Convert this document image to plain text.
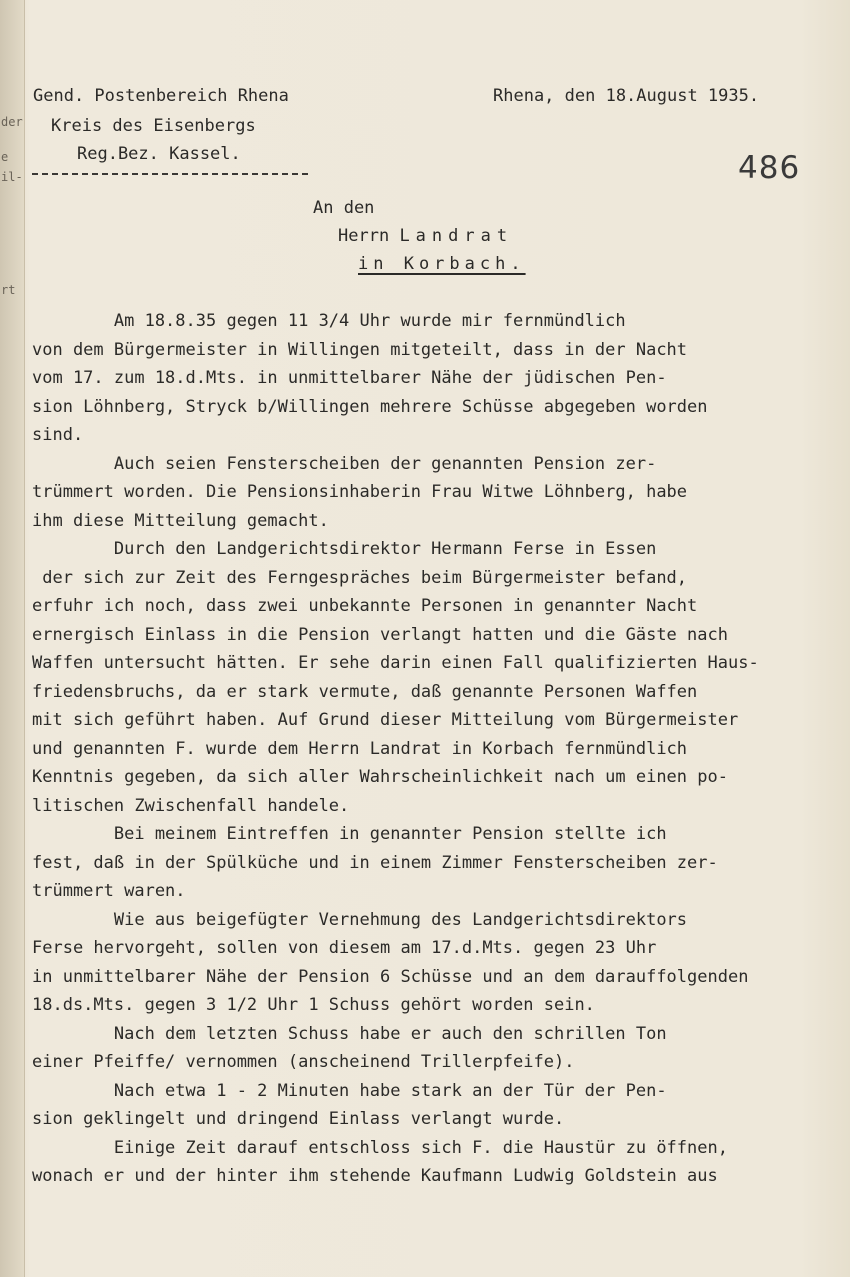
der
e
il-
rt
Gend. Postenbereich Rhena
Kreis des Eisenbergs
Reg.Bez. Kassel.
Rhena, den 18.August 1935.
486
An den
Herrn Landrat
in Korbach.
Am 18.8.35 gegen 11 3/4 Uhr wurde mir fernmündlich
von dem Bürgermeister in Willingen mitgeteilt, dass in der Nacht
vom 17. zum 18.d.Mts. in unmittelbarer Nähe der jüdischen Pen-
sion Löhnberg, Stryck b/Willingen mehrere Schüsse abgegeben worden
sind.
Auch seien Fensterscheiben der genannten Pension zer-
trümmert worden. Die Pensionsinhaberin Frau Witwe Löhnberg, habe
ihm diese Mitteilung gemacht.
Durch den Landgerichtsdirektor Hermann Ferse in Essen
der sich zur Zeit des Ferngespräches beim Bürgermeister befand,
erfuhr ich noch, dass zwei unbekannte Personen in genannter Nacht
ernergisch Einlass in die Pension verlangt hatten und die Gäste nach
Waffen untersucht hätten. Er sehe darin einen Fall qualifizierten Haus-
friedensbruchs, da er stark vermute, daß genannte Personen Waffen
mit sich geführt haben. Auf Grund dieser Mitteilung vom Bürgermeister
und genannten F. wurde dem Herrn Landrat in Korbach fernmündlich
Kenntnis gegeben, da sich aller Wahrscheinlichkeit nach um einen po-
litischen Zwischenfall handele.
Bei meinem Eintreffen in genannter Pension stellte ich
fest, daß in der Spülküche und in einem Zimmer Fensterscheiben zer-
trümmert waren.
Wie aus beigefügter Vernehmung des Landgerichtsdirektors
Ferse hervorgeht, sollen von diesem am 17.d.Mts. gegen 23 Uhr
in unmittelbarer Nähe der Pension 6 Schüsse und an dem darauffolgenden
18.ds.Mts. gegen 3 1/2 Uhr 1 Schuss gehört worden sein.
Nach dem letzten Schuss habe er auch den schrillen Ton
einer Pfeiffe/ vernommen (anscheinend Trillerpfeife).
Nach etwa 1 - 2 Minuten habe stark an der Tür der Pen-
sion geklingelt und dringend Einlass verlangt wurde.
Einige Zeit darauf entschloss sich F. die Haustür zu öffnen,
wonach er und der hinter ihm stehende Kaufmann Ludwig Goldstein aus
